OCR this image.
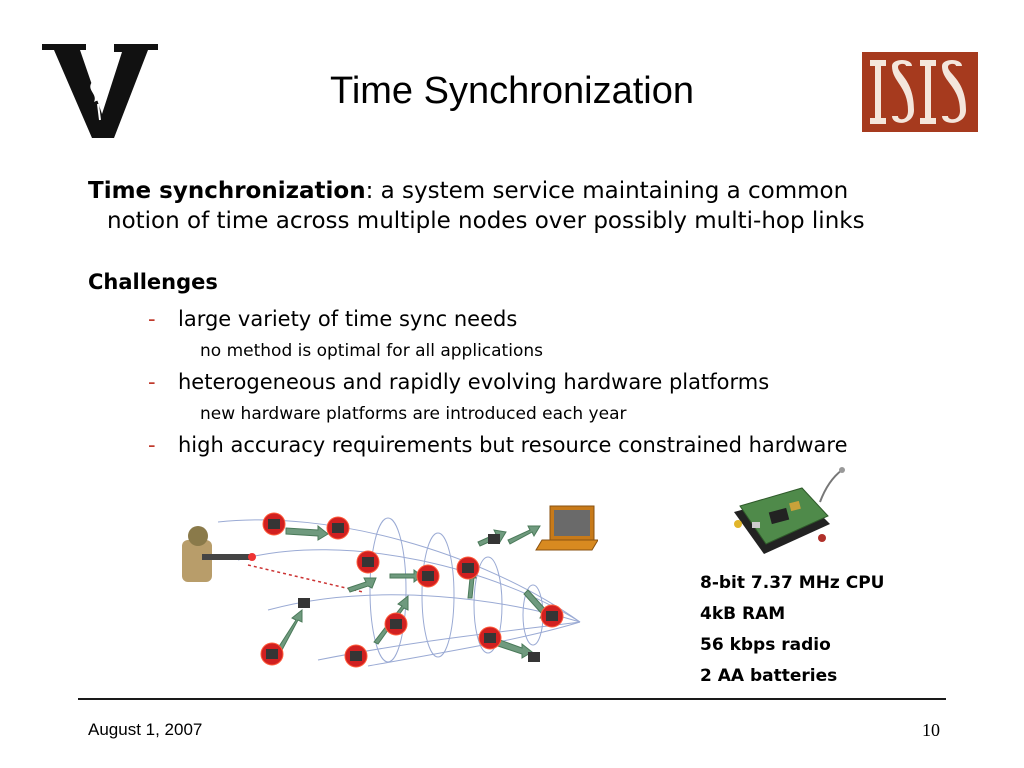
Time Synchronization
Time synchronization: a system service maintaining a common
notion of time across multiple nodes over possibly multi-hop links
Challenges
- large variety of time sync needs
no method is optimal for all applications
- heterogeneous and rapidly evolving hardware platforms
new hardware platforms are introduced each year
- high accuracy requirements but resource constrained hardware
8-bit 7.37 MHz CPU
4kB RAM
56 kbps radio
2 AA batteries
August 1, 2007	10
